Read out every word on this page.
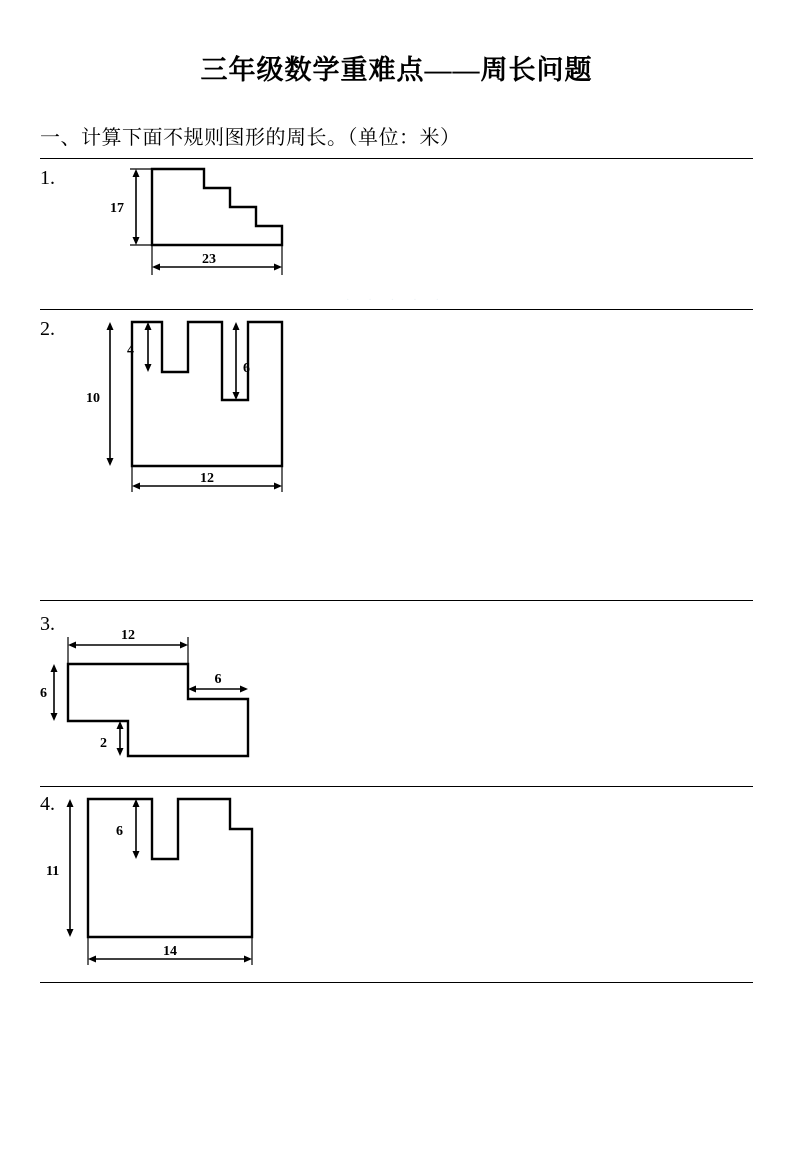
三年级数学重难点——周长问题
一、计算下面不规则图形的周长。（单位：米）
1.
17
23
· · · · ·
2.
4
6
10
12
3.
12
6
6
2
4.
6
11
14
